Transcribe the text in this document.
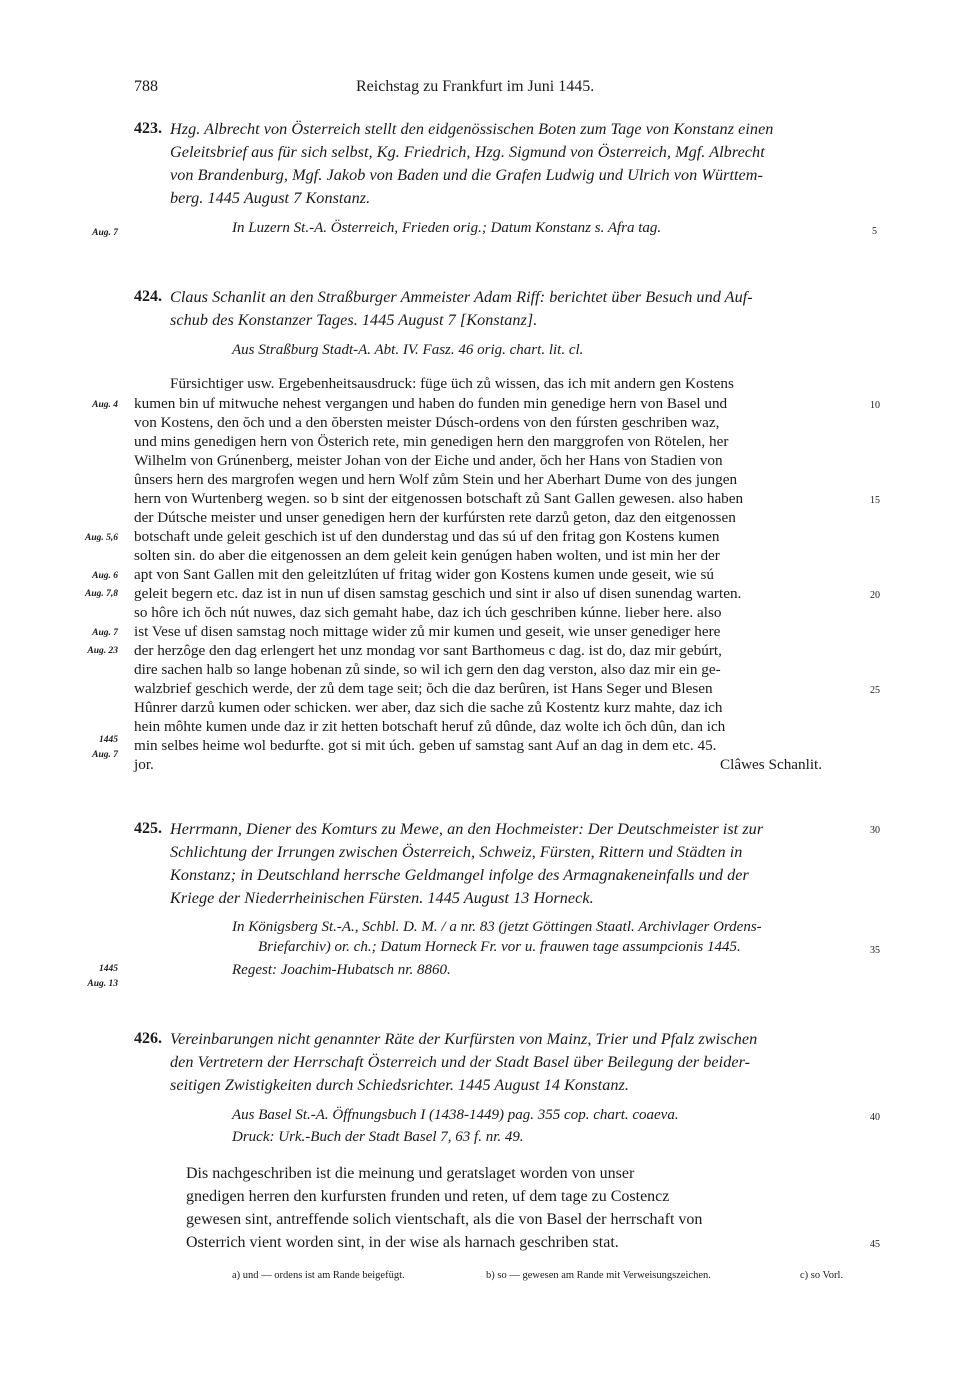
788	Reichstag zu Frankfurt im Juni 1445.
423. Hzg. Albrecht von Österreich stellt den eidgenössischen Boten zum Tage von Konstanz einen
Geleitsbrief aus für sich selbst, Kg. Friedrich, Hzg. Sigmund von Österreich, Mgf. Albrecht
von Brandenburg, Mgf. Jakob von Baden und die Grafen Ludwig und Ulrich von Württem-
berg. 1445 August 7 Konstanz.
In Luzern St.-A. Österreich, Frieden orig.; Datum Konstanz s. Afra tag.
424. Claus Schanlit an den Straßburger Ammeister Adam Riff: berichtet über Besuch und Auf-
schub des Konstanzer Tages. 1445 August 7 [Konstanz].
Aus Straßburg Stadt-A. Abt. IV. Fasz. 46 orig. chart. lit. cl.
Fürsichtiger usw. Ergebenheitsausdruck: füge üch zů wissen, das ich mit andern gen Kostens
kumen bin uf mitwuche nehest vergangen und haben do funden min genedige hern von Basel und
von Kostens, den ŏch und a den ŏbersten meister Dúsch-ordens von den fúrsten geschriben waz,
und mins genedigen hern von Österich rete, min genedigen hern den marggrofen von Rötelen, her
Wilhelm von Grúnenberg, meister Johan von der Eiche und ander, ŏch her Hans von Stadien von
ûnsers hern des margrofen wegen und hern Wolf zům Stein und her Aberhart Dume von des jungen
hern von Wurtenberg wegen. so b sint der eitgenossen botschaft zů Sant Gallen gewesen. also haben
der Dútsche meister und unser genedigen hern der kurfúrsten rete darzů geton, daz den eitgenossen
botschaft unde geleit geschich ist uf den dunderstag und das sú uf den fritag gon Kostens kumen
solten sin. do aber die eitgenossen an dem geleit kein genúgen haben wolten, und ist min her der
apt von Sant Gallen mit den geleitzlúten uf fritag wider gon Kostens kumen unde geseit, wie sú
geleit begern etc. daz ist in nun uf disen samstag geschich und sint ir also uf disen sunendag warten.
so hôre ich ŏch nút nuwes, daz sich gemaht habe, daz ich úch geschriben kúnne. lieber here. also
ist Vese uf disen samstag noch mittage wider zů mir kumen und geseit, wie unser genediger here
der herzôge den dag erlengert het unz mondag vor sant Barthomeus c dag. ist do, daz mir gebúrt,
dire sachen halb so lange hobenan zů sinde, so wil ich gern den dag verston, also daz mir ein ge-
walzbrief geschich werde, der zů dem tage seit; ŏch die daz berûren, ist Hans Seger und Blesen
Hûnrer darzů kumen oder schicken. wer aber, daz sich die sache zů Kostentz kurz mahte, daz ich
hein môhte kumen unde daz ir zit hetten botschaft heruf zů dûnde, daz wolte ich ŏch dûn, dan ich
min selbes heime wol bedurfte. got si mit úch. geben uf samstag sant Auf an dag in dem etc. 45.
jor.	Clâwes Schanlit.
425. Herrmann, Diener des Komturs zu Mewe, an den Hochmeister: Der Deutschmeister ist zur
Schlichtung der Irrungen zwischen Österreich, Schweiz, Fürsten, Rittern und Städten in
Konstanz; in Deutschland herrsche Geldmangel infolge des Armagnakeneinfalls und der
Kriege der Niederrheinischen Fürsten. 1445 August 13 Horneck.
In Königsberg St.-A., Schbl. D. M. / a nr. 83 (jetzt Göttingen Staatl. Archivlager Ordens-
Briefarchiv) or. ch.; Datum Horneck Fr. vor u. frauwen tage assumpcionis 1445.
Regest: Joachim-Hubatsch nr. 8860.
426. Vereinbarungen nicht genannter Räte der Kurfürsten von Mainz, Trier und Pfalz zwischen
den Vertretern der Herrschaft Österreich und der Stadt Basel über Beilegung der beider-
seitigen Zwistigkeiten durch Schiedsrichter. 1445 August 14 Konstanz.
Aus Basel St.-A. Öffnungsbuch I (1438-1449) pag. 355 cop. chart. coaeva.
Druck: Urk.-Buch der Stadt Basel 7, 63 f. nr. 49.
Dis nachgeschriben ist die meinung und geratslaget worden von unser
gnedigen herren den kurfursten frunden und reten, uf dem tage zu Costencz
gewesen sint, antreffende solich vientschaft, als die von Basel der herrschaft von
Osterrich vient worden sint, in der wise als harnach geschriben stat.
Aug. 7
Aug. 4
Aug. 5,6
Aug. 6
Aug. 7,8
Aug. 7
Aug. 23
1445
Aug. 7
1445
Aug. 13
5
10
15
20
25
30
35
40
45
a) und — ordens ist am Rande beigefügt.	b) so — gewesen am Rande mit Verweisungszeichen.	c) so Vorl.
